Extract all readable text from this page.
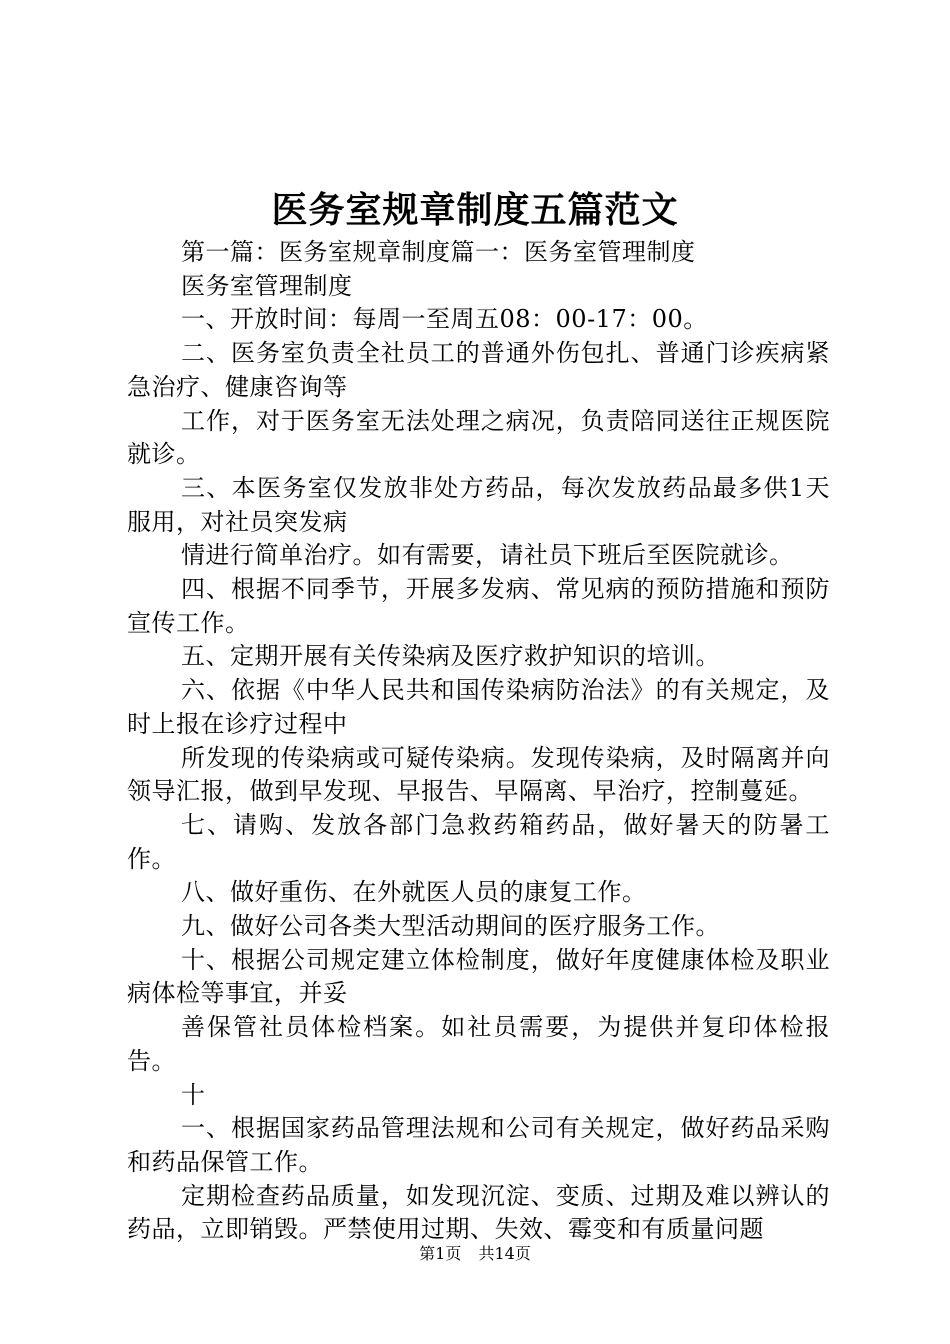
医务室规章制度五篇范文

第一篇：医务室规章制度篇一：医务室管理制度

医务室管理制度

一、开放时间：每周一至周五08：00-17：00。

二、医务室负责全社员工的普通外伤包扎、普通门诊疾病紧急治疗、健康咨询等

工作，对于医务室无法处理之病况，负责陪同送往正规医院就诊。

三、本医务室仅发放非处方药品，每次发放药品最多供1天服用，对社员突发病

情进行简单治疗。如有需要，请社员下班后至医院就诊。

四、根据不同季节，开展多发病、常见病的预防措施和预防宣传工作。

五、定期开展有关传染病及医疗救护知识的培训。

六、依据《中华人民共和国传染病防治法》的有关规定，及时上报在诊疗过程中

所发现的传染病或可疑传染病。发现传染病，及时隔离并向领导汇报，做到早发现、早报告、早隔离、早治疗，控制蔓延。

七、请购、发放各部门急救药箱药品，做好暑天的防暑工作。

八、做好重伤、在外就医人员的康复工作。

九、做好公司各类大型活动期间的医疗服务工作。

十、根据公司规定建立体检制度，做好年度健康体检及职业病体检等事宜，并妥

善保管社员体检档案。如社员需要，为提供并复印体检报告。

十

一、根据国家药品管理法规和公司有关规定，做好药品采购和药品保管工作。

定期检查药品质量，如发现沉淀、变质、过期及难以辨认的药品，立即销毁。严禁使用过期、失效、霉变和有质量问题

第1页 共14页
